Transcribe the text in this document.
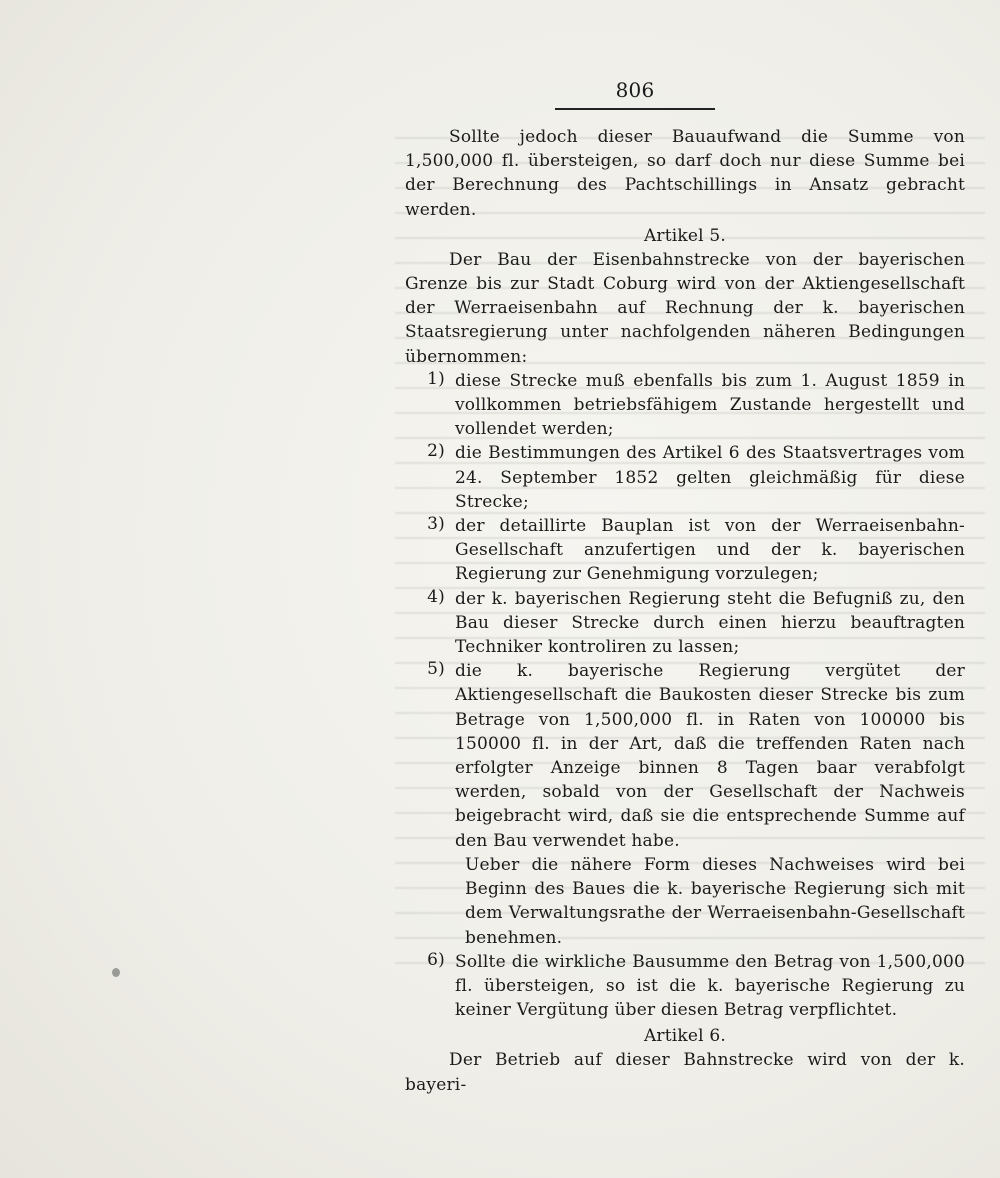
806

Sollte jedoch dieser Bauaufwand die Summe von 1,500,000 fl. übersteigen, so darf doch nur diese Summe bei der Berechnung des Pachtschillings in Ansatz gebracht werden.

Artikel 5.

Der Bau der Eisenbahnstrecke von der bayerischen Grenze bis zur Stadt Coburg wird von der Aktiengesellschaft der Werraeisenbahn auf Rechnung der k. bayerischen Staatsregierung unter nachfolgenden näheren Bedingungen übernommen:

1) diese Strecke muß ebenfalls bis zum 1. August 1859 in vollkommen betriebsfähigem Zustande hergestellt und vollendet werden;

2) die Bestimmungen des Artikel 6 des Staatsvertrages vom 24. September 1852 gelten gleichmäßig für diese Strecke;

3) der detaillirte Bauplan ist von der Werraeisenbahn-Gesellschaft anzufertigen und der k. bayerischen Regierung zur Genehmigung vorzulegen;

4) der k. bayerischen Regierung steht die Befugniß zu, den Bau dieser Strecke durch einen hierzu beauftragten Techniker kontroliren zu lassen;

5) die k. bayerische Regierung vergütet der Aktiengesellschaft die Baukosten dieser Strecke bis zum Betrage von 1,500,000 fl. in Raten von 100000 bis 150000 fl. in der Art, daß die treffenden Raten nach erfolgter Anzeige binnen 8 Tagen baar verabfolgt werden, sobald von der Gesellschaft der Nachweis beigebracht wird, daß sie die entsprechende Summe auf den Bau verwendet habe.

Ueber die nähere Form dieses Nachweises wird bei Beginn des Baues die k. bayerische Regierung sich mit dem Verwaltungsrathe der Werraeisenbahn-Gesellschaft benehmen.

6) Sollte die wirkliche Bausumme den Betrag von 1,500,000 fl. übersteigen, so ist die k. bayerische Regierung zu keiner Vergütung über diesen Betrag verpflichtet.

Artikel 6.

Der Betrieb auf dieser Bahnstrecke wird von der k. bayeri-
